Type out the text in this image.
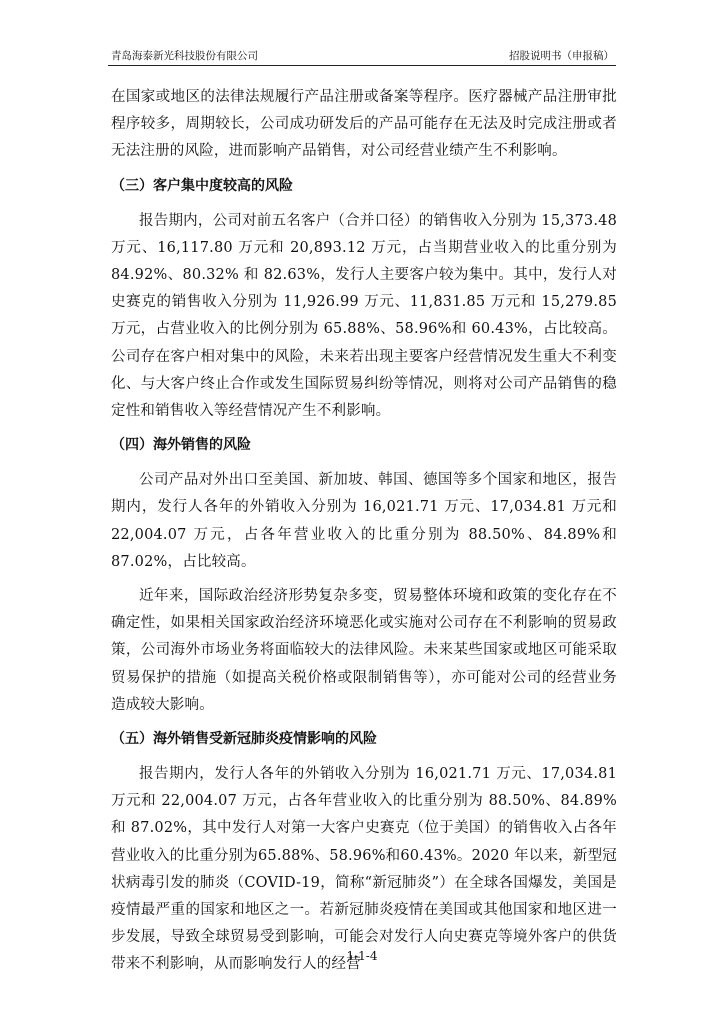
青岛海泰新光科技股份有限公司	招股说明书（申报稿）

在国家或地区的法律法规履行产品注册或备案等程序。医疗器械产品注册审批程序较多，周期较长，公司成功研发后的产品可能存在无法及时完成注册或者无法注册的风险，进而影响产品销售，对公司经营业绩产生不利影响。

（三）客户集中度较高的风险

报告期内，公司对前五名客户（合并口径）的销售收入分别为 15,373.48 万元、16,117.80 万元和 20,893.12 万元，占当期营业收入的比重分别为 84.92%、80.32% 和 82.63%，发行人主要客户较为集中。其中，发行人对史赛克的销售收入分别为 11,926.99 万元、11,831.85 万元和 15,279.85 万元，占营业收入的比例分别为 65.88%、58.96%和 60.43%，占比较高。公司存在客户相对集中的风险，未来若出现主要客户经营情况发生重大不利变化、与大客户终止合作或发生国际贸易纠纷等情况，则将对公司产品销售的稳定性和销售收入等经营情况产生不利影响。

（四）海外销售的风险

公司产品对外出口至美国、新加坡、韩国、德国等多个国家和地区，报告期内，发行人各年的外销收入分别为 16,021.71 万元、17,034.81 万元和 22,004.07 万元，占各年营业收入的比重分别为 88.50%、84.89%和 87.02%，占比较高。

近年来，国际政治经济形势复杂多变，贸易整体环境和政策的变化存在不确定性，如果相关国家政治经济环境恶化或实施对公司存在不利影响的贸易政策，公司海外市场业务将面临较大的法律风险。未来某些国家或地区可能采取贸易保护的措施（如提高关税价格或限制销售等），亦可能对公司的经营业务造成较大影响。

（五）海外销售受新冠肺炎疫情影响的风险

报告期内，发行人各年的外销收入分别为 16,021.71 万元、17,034.81 万元和 22,004.07 万元，占各年营业收入的比重分别为 88.50%、84.89%和 87.02%，其中发行人对第一大客户史赛克（位于美国）的销售收入占各年营业收入的比重分别为65.88%、58.96%和60.43%。2020 年以来，新型冠状病毒引发的肺炎（COVID-19，简称“新冠肺炎”）在全球各国爆发，美国是疫情最严重的国家和地区之一。若新冠肺炎疫情在美国或其他国家和地区进一步发展，导致全球贸易受到影响，可能会对发行人向史赛克等境外客户的供货带来不利影响，从而影响发行人的经营

1-1-4
